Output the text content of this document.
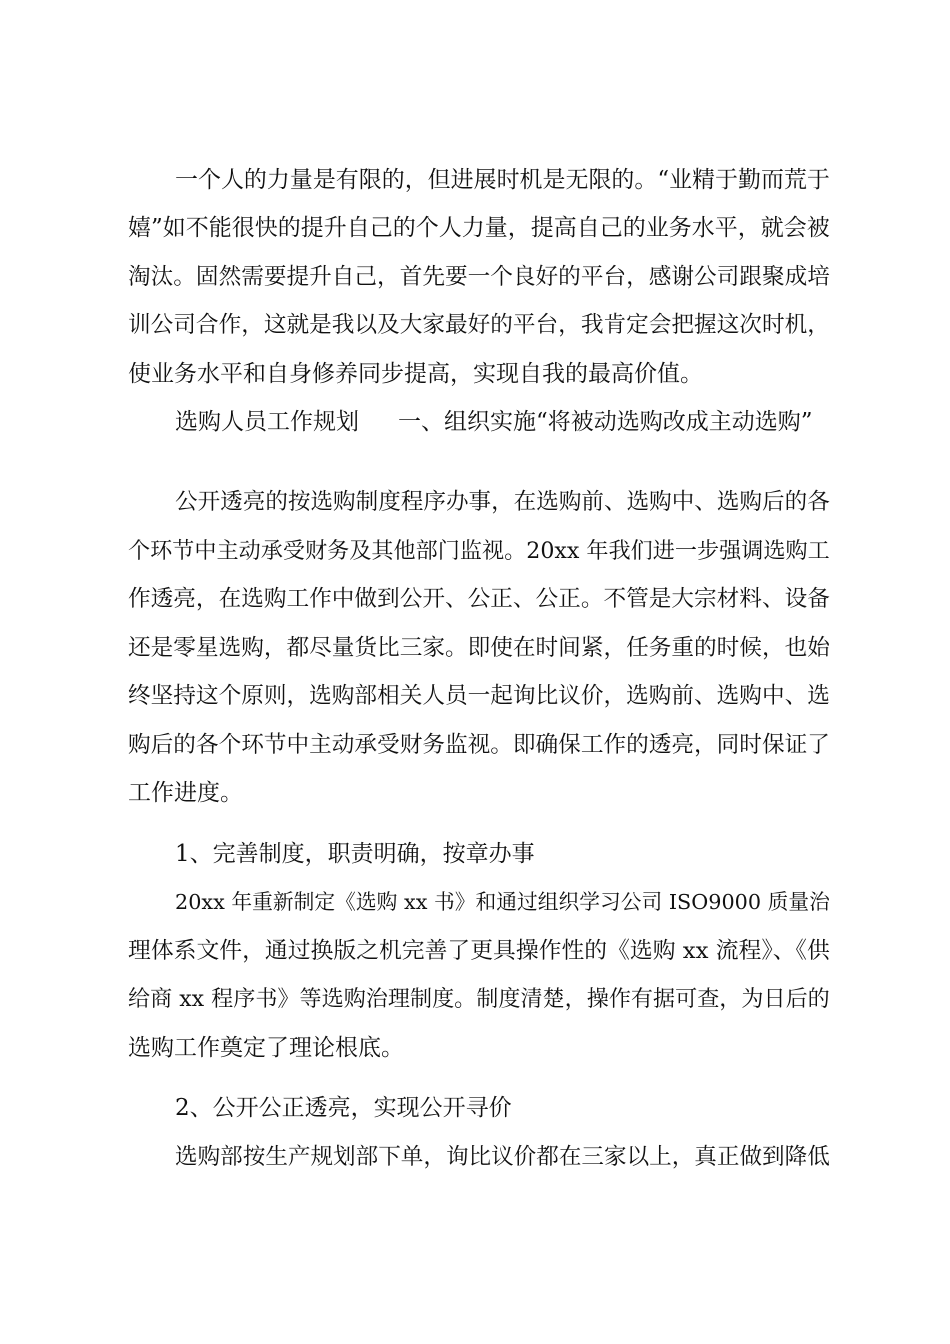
一个人的力量是有限的，但进展时机是无限的。“业精于勤而荒于

嬉”如不能很快的提升自己的个人力量，提高自己的业务水平，就会被

淘汰。固然需要提升自己，首先要一个良好的平台，感谢公司跟聚成培

训公司合作，这就是我以及大家最好的平台，我肯定会把握这次时机，

使业务水平和自身修养同步提高，实现自我的最高价值。

选购人员工作规划

一、组织实施“将被动选购改成主动选购”

公开透亮的按选购制度程序办事，在选购前、选购中、选购后的各

个环节中主动承受财务及其他部门监视。20xx 年我们进一步强调选购工

作透亮，在选购工作中做到公开、公正、公正。不管是大宗材料、设备

还是零星选购，都尽量货比三家。即使在时间紧，任务重的时候，也始

终坚持这个原则，选购部相关人员一起询比议价，选购前、选购中、选

购后的各个环节中主动承受财务监视。即确保工作的透亮，同时保证了

工作进度。

1、完善制度，职责明确，按章办事

20xx 年重新制定《选购 xx 书》和通过组织学习公司 ISO9000 质量治

理体系文件，通过换版之机完善了更具操作性的《选购 xx 流程》、《供

给商 xx 程序书》等选购治理制度。制度清楚，操作有据可查，为日后的

选购工作奠定了理论根底。

2、公开公正透亮，实现公开寻价

选购部按生产规划部下单，询比议价都在三家以上，真正做到降低
